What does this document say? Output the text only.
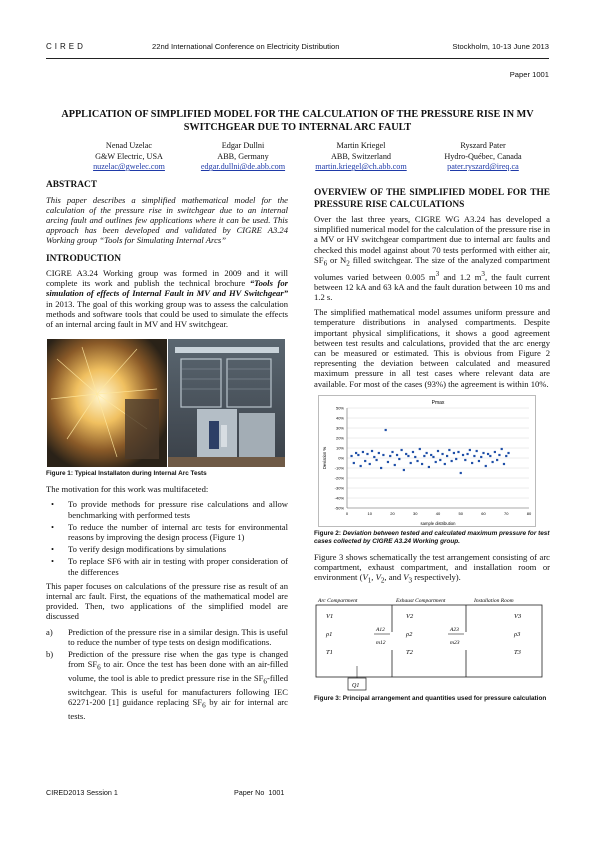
CIRED	22nd International Conference on Electricity Distribution	Stockholm, 10-13 June 2013
Paper 1001
APPLICATION OF SIMPLIFIED MODEL FOR THE CALCULATION OF THE PRESSURE RISE IN MV SWITCHGEAR DUE TO INTERNAL ARC FAULT
Nenad Uzelac
G&W Electric, USA
nuzelac@gwelec.com
Edgar Dullni
ABB, Germany
edgar.dullni@de.abb.com
Martin Kriegel
ABB, Switzerland
martin.kriegel@ch.abb.com
Ryszard Pater
Hydro-Québec, Canada
pater.ryszard@ireq.ca
ABSTRACT

This paper describes a simplified mathematical model for the calculation of the pressure rise in switchgear due to an internal arcing fault and outlines few applications where it can be used. This approach has been developed and validated by CIGRE A3.24 Working group “Tools for Simulating Internal Arcs”

INTRODUCTION

CIGRE A3.24 Working group was formed in 2009 and it will complete its work and publish the technical brochure “Tools for simulation of effects of Internal Fault in MV and HV Switchgear” in 2013. The goal of this working group was to assess the calculation methods and software tools that could be used to simulate the effects of an internal arcing fault in MV and HV switchgear.

Figure 1: Typical Installaton during Internal Arc Tests

The motivation for this work was multifaceted:

• To provide methods for pressure rise calculations and allow benchmarking with performed tests
• To reduce the number of internal arc tests for environmental reasons by improving the design process (Figure 1)
• To verify design modifications by simulations
• To replace SF6 with air in testing with proper consideration of the differences

This paper focuses on calculations of the pressure rise as result of an internal arc fault. First, the equations of the mathematical model are provided. Then, two applications of the simplified model are discussed

a) Prediction of the pressure rise in a similar design. This is useful to reduce the number of type tests on design modifications.
b) Prediction of the pressure rise when the gas type is changed from $SF_6$ to air. Once the test has been done with an air-filled volume, the tool is able to predict pressure rise in the $SF_6$-filled switchgear. This is useful for manufacturers following IEC 62271-200 [1] guidance replacing $SF_6$ by air for internal arc tests.
OVERVIEW OF THE SIMPLIFIED MODEL FOR THE PRESSURE RISE CALCULATIONS

Over the last three years, CIGRE WG A3.24 has developed a simplified numerical model for the calculation of the pressure rise in a MV or HV switchgear compartment due to internal arc faults and checked this model against about 70 tests performed with either air, $SF_6$ or $N_2$ filled switchgear. The size of the analyzed compartment volumes varied between 0.005 $m^3$ and 1.2 $m^3$, the fault current between 12 kA and 63 kA and the fault duration between 10 ms and 1.2 s.

The simplified mathematical model assumes uniform pressure and temperature distributions in analysed compartments. Despite important physical simplifications, it shows a good agreement between test results and calculations, provided that the arc energy can be measured or estimated. This is obvious from Figure 2 representing the deviation between calculated and measured maximum pressure in all test cases where relevant data are available. For most of the cases (93%) the agreement is within 10%.

Pmax
50%
40%
30%
20%
10%
0%
-10%
-20%
-30%
-40%
-50%
0	10	20	30	40	50	60	70	80
sample distribution
Deviation %
Figure 2: Deviation between tested and calculated maximum pressure for test cases collected by CIGRE A3.24 Working group.

Figure 3 shows schematically the test arrangement consisting of arc compartment, exhaust compartment, and installation room or environment ($V_1$, $V_2$, and $V_3$ respectively).

Arc Compartment	Exhaust Compartment	Installation Room
V1
ρ1
T1
V2
ρ2
T2
V3
ρ3
T3
A12
m12
A23
m23
Q1
Figure 3: Principal arrangement and quantities used for pressure calculation
CIRED2013 Session 1	Paper No  1001
